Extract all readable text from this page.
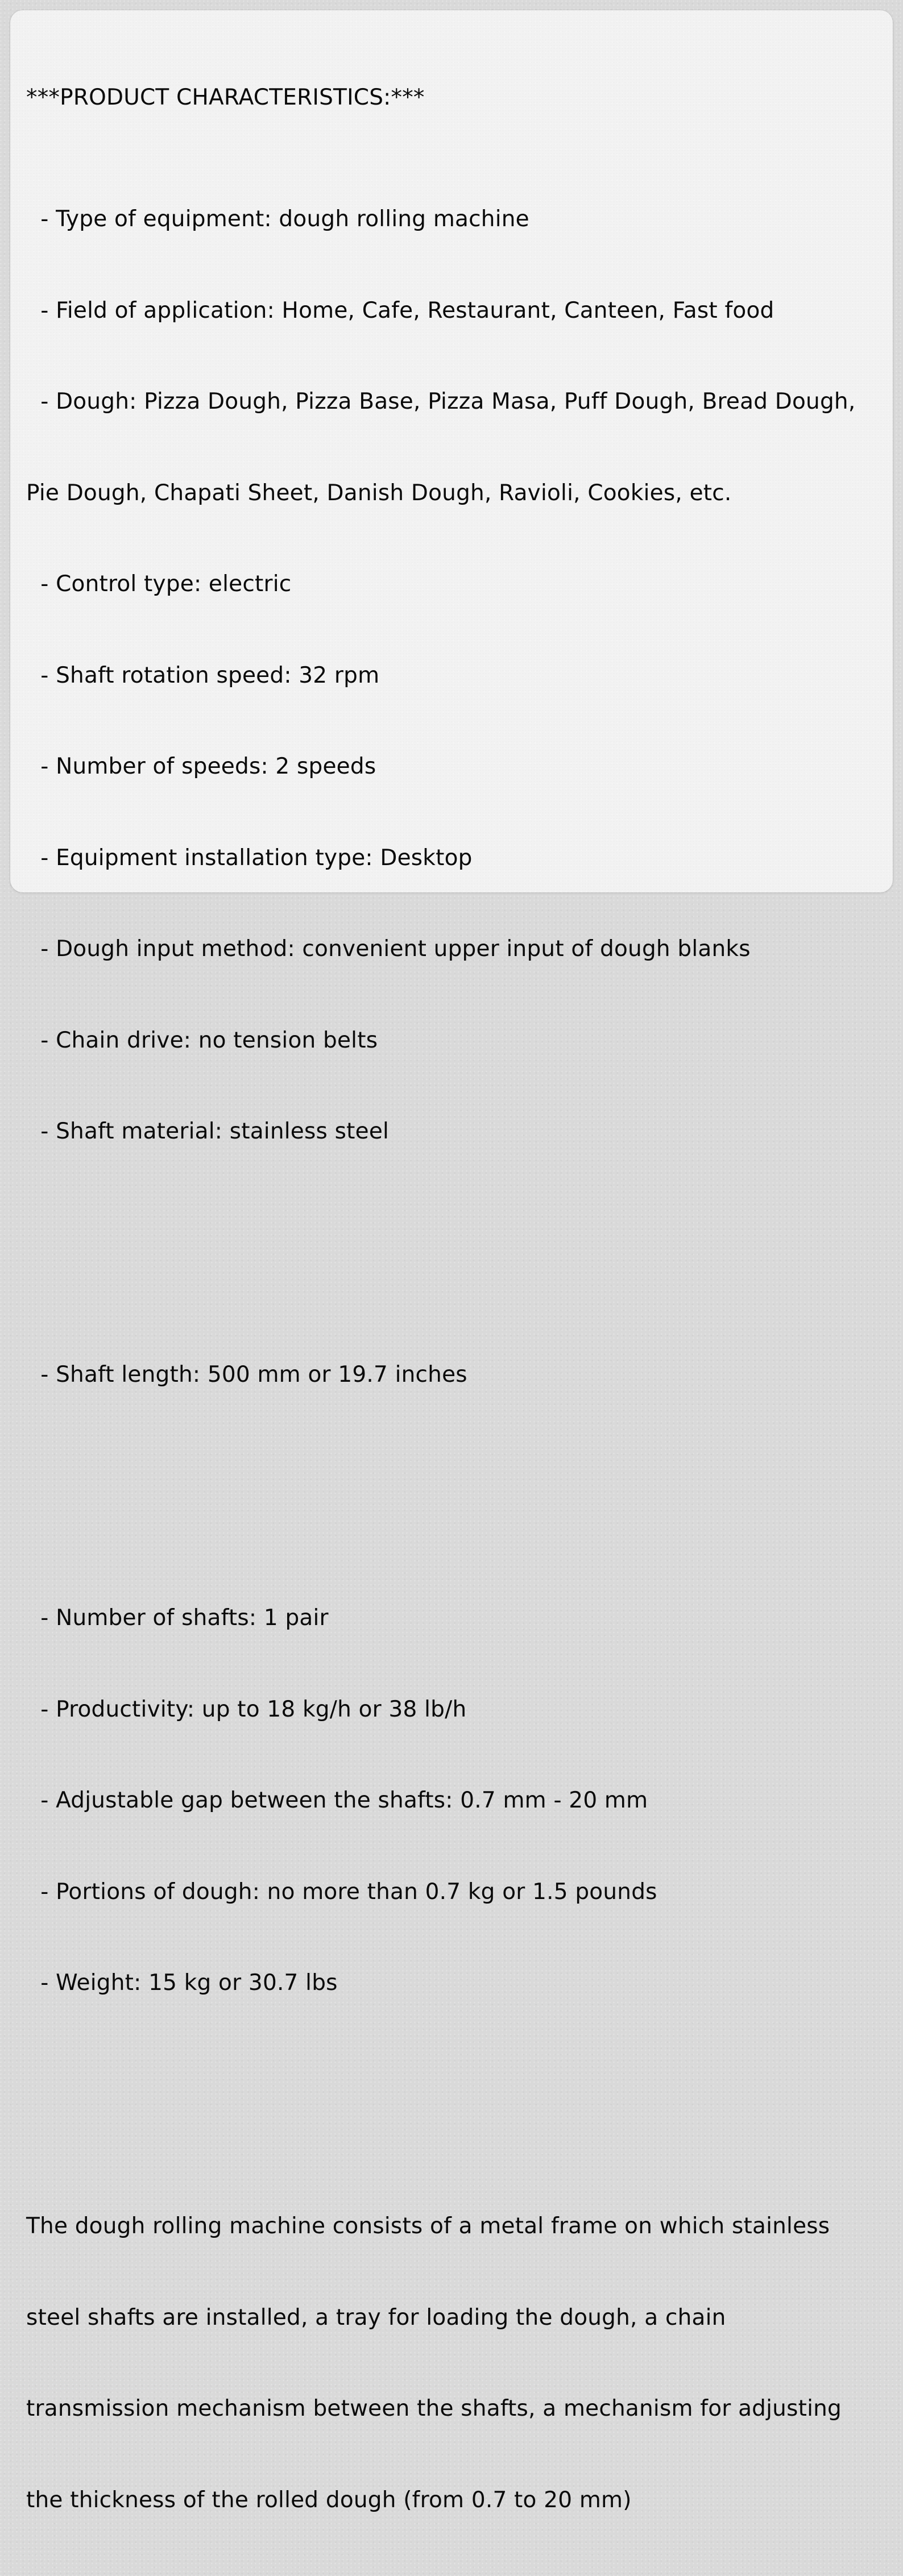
***PRODUCT CHARACTERISTICS:***

- Type of equipment: dough rolling machine

- Field of application: Home, Cafe, Restaurant, Canteen, Fast food

- Dough: Pizza Dough, Pizza Base, Pizza Masa, Puff Dough, Bread Dough,

Pie Dough, Chapati Sheet, Danish Dough, Ravioli, Cookies, etc.

- Control type: electric

- Shaft rotation speed: 32 rpm

- Number of speeds: 2 speeds

- Equipment installation type: Desktop

- Dough input method: convenient upper input of dough blanks

- Chain drive: no tension belts

- Shaft material: stainless steel

- Shaft length: 500 mm or 19.7 inches

- Number of shafts: 1 pair

- Productivity: up to 18 kg/h or 38 lb/h

- Adjustable gap between the shafts: 0.7 mm - 20 mm

- Portions of dough: no more than 0.7 kg or 1.5 pounds

- Weight: 15 kg or 30.7 lbs

The dough rolling machine consists of a metal frame on which stainless

steel shafts are installed, a tray for loading the dough, a chain

transmission mechanism between the shafts, a mechanism for adjusting

the thickness of the rolled dough (from 0.7 to 20 mm)
